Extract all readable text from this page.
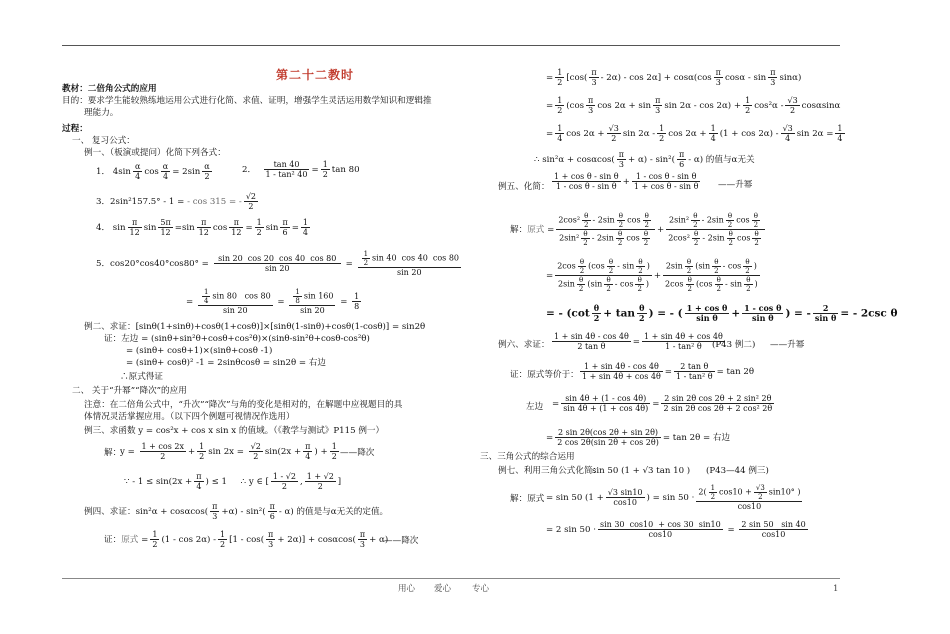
第二十二教时
教材：二倍角公式的应用
目的：要求学生能较熟练地运用公式进行化简、求值、证明，增强学生灵活运用数学知识和逻辑推
理能力。
过程：
一、 复习公式：
例一、（板演或提问）化简下列各式：
1． $4\sin \frac{\alpha}{4}$ $\cos \frac{\alpha}{4} = 2\sin \frac{\alpha}{2}$	2． $\frac{\tan 40}{\text{1 - tan² 40}} = \frac{1}{2}$ tan 80
3．2sin²157.5° - 1 = - cos 315 = - $\frac{√2}{2}$
4． $\sin \frac{\pi}{12}$ $\sin \frac{5\pi}{12} =\sin \frac{\pi}{12}$ $\cos \frac{\pi}{12} = \frac{1}{2}$ $\sin \frac{\pi}{6} = \frac{1}{4}$
5．$\cos 20^\circ\cos 40^\circ\cos 80^\circ = \frac{\sin 20 \cos 20 \cos 40 \cos 80}{\sin 20} = \frac{\frac{1}{2} \sin 40 \cos 40 \cos 80}{\sin 20}$
= $\frac{\frac{1}{4} \sin 80 \cos 80}{\sin 20} = \frac{\frac{1}{8} \sin 160}{\sin 20} = \frac{1}{8}$
例二、求证：[sinθ(1+sinθ)+cosθ(1+cosθ)]×[sinθ(1-sinθ)+cosθ(1-cosθ)] = sin2θ
证：左边 = (sinθ+sin²θ+cosθ+cos²θ)×(sinθ-sin²θ+cosθ-cos²θ)
= (sinθ+ cosθ+1)×(sinθ+cosθ -1)
= (sinθ+ cosθ)² -1 = 2sinθcosθ = sin2θ = 右边
∴原式得证
二、 关于“升幂”“降次”的应用
注意：在二倍角公式中，“升次”“降次”与角的变化是相对的，在解题中应视题目的具
体情况灵活掌握应用。（以下四个例题可视情况作选用）
例三、求函数 y = cos²x + cos x sin x 的值域。（《教学与测试》P115 例一）
解：
$y = \frac{1 + \cos 2x}{2} + \frac{1}{2}$ $\sin 2x = \frac{√2}{2} \sin(2x + \frac{\pi}{4}$ ) + $\frac{1}{2}$ ——降次
∵ - $1 \le \sin(2x + \frac{\pi}{4}$ ) ≤ 1     ∴ y ∈ [ $\frac{1 - √2}{2}$ , $\frac{1 + √2}{2}$ ]
例四、求证：$\sin^2\alpha + \cos\alpha\cos( \frac{\pi}{3} +\alpha) - \sin^2( \frac{\pi}{6} - \alpha)$ 的值是与α无关的定值。
证：原式 = $\frac{1}{2} (1 - \cos 2\alpha) - \frac{1}{2} [1 - \cos( \frac{\pi}{3} + 2\alpha)] + \cos\alpha\cos( \frac{\pi}{3} + \alpha)$
——降次
= $\frac{1}{2} [\cos( \frac{\pi}{3} - 2\alpha) - \cos 2\alpha] + \cos\alpha(\cos \frac{\pi}{3}$ cosα - $\sin \frac{\pi}{3} \sin\alpha$)
= $\frac{1}{2} (\cos \frac{\pi}{3}$ $\cos 2\alpha + \sin \frac{\pi}{3}$ $\sin 2\alpha - \cos 2\alpha) + \frac{1}{2} \cos^2\alpha - \frac{√3}{2}$ cosαsinα
= $\frac{1}{4}$ $\cos 2\alpha + \frac{√3}{2}$ $\sin 2\alpha - \frac{1}{2}$ $\cos 2\alpha + \frac{1}{4} (1 + \cos 2\alpha) - \frac{√3}{4}$ $\sin 2\alpha = \frac{1}{4}$
∴ $\sin^2\alpha + \cos\alpha\cos( \frac{\pi}{3} + \alpha) - \sin^2( \frac{\pi}{6} - \alpha)$ 的值与α无关
例五、化简： $\frac{\text{1 + cos θ - sin θ}}{\text{1 - cos θ - sin θ}} + \frac{\text{1 - cos θ - sin θ}}{\text{1 + cos θ - sin θ}}$ ——升幂
解：原式 = $\frac{2\cos^2 \frac{\theta}{2} - 2\sin \frac{\theta}{2} \cos \frac{\theta}{2}}{2\sin^2 \frac{\theta}{2} - 2\sin \frac{\theta}{2} \cos \frac{\theta}{2}} + \frac{2\sin^2 \frac{\theta}{2} - 2\sin \frac{\theta}{2} \cos \frac{\theta}{2}}{2\cos^2 \frac{\theta}{2} - 2\sin \frac{\theta}{2} \cos \frac{\theta}{2}}$
= $\frac{2\cos \frac{\theta}{2} (\cos \frac{\theta}{2} - \sin \frac{\theta}{2} )}{2\sin \frac{\theta}{2} (\sin \frac{\theta}{2} - \cos \frac{\theta}{2} )} + \frac{2\sin \frac{\theta}{2} (\sin \frac{\theta}{2} - \cos \frac{\theta}{2} )}{2\cos \frac{\theta}{2} (\cos \frac{\theta}{2} - \sin \frac{\theta}{2} )}$
= - ($\cot \frac{\theta}{2} + \tan \frac{\theta}{2}$ ) = - ( $\frac{\text{1 + cos θ}}{\text{sin θ}} + \frac{\text{1 - cos θ}}{\text{sin θ}}$ ) = - $\frac{2}{\text{sin θ}}$ = - 2csc θ
例六、求证： $\frac{1 + \sin 4\theta - \cos 4\theta}{\text{2 tan θ}} = \frac{1 + \sin 4\theta + \cos 4\theta}{\text{1 - tan² θ}}$
(P43 例二) ——升幂
证：原式等价于： $\frac{1 + \sin 4\theta - \cos 4\theta}{1 + \sin 4\theta + \cos 4\theta} = \frac{\text{2 tan θ}}{\text{1 - tan² θ}} = \tan 2\theta$
左边 = $\frac{\sin 4\theta + (1 - \cos 4\theta)}{\sin 4\theta + (1 + \cos 4\theta)} = \frac{\text{2 sin 2θ cos 2θ + 2 sin² 2θ}}{\text{2 sin 2θ cos 2θ + 2 cos² 2θ}}$
= $\frac{2 \sin 2\theta(\cos 2\theta + \sin 2\theta)}{2 \cos 2\theta(\sin 2\theta + \cos 2\theta)} = \tan 2\theta$ = 右边
三、三角公式的综合运用
例七、利用三角公式化简：
sin 50 (1 + √3 tan 10 ) (P43—44 例三)
解：原式 = sin 50 ($1 + \frac{√3 \sin 10}{\cos 10}$ ) = $\sin 50 \cdot \frac{2( \frac{1}{2} \cos 10 + \frac{√3}{2} \sin 10^\circ )}{\cos 10}$
= 2 $\sin 50 \cdot \frac{\sin 30 \cos 10 + \cos 30 \sin 10}{\cos 10} = \frac{2 \sin 50 \sin 40}{\cos 10}$
用心 爱心 专心	1
